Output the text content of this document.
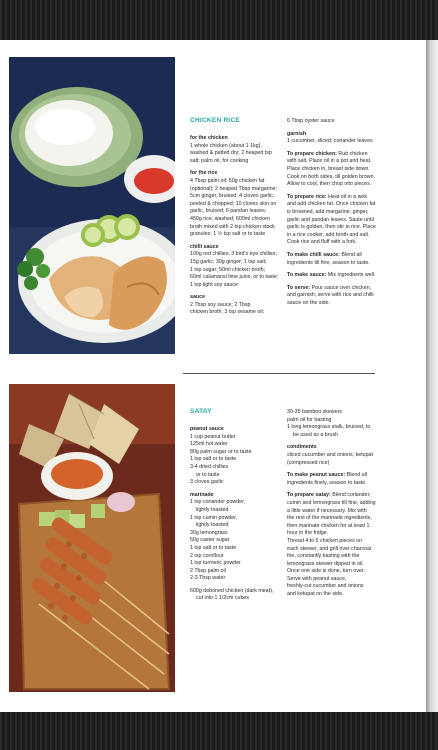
CHICKEN RICE
for the chicken
1 whole chicken (about 1 1kg),
washed & patted dry; 2 heaped tsp
salt; palm oil, for cooking
for the rice
4 Tbsp palm oil; 50g chicken fat
(optional); 2 heaped Tbsp margarine;
5cm ginger, bruised; 4 cloves garlic,
peeled & chopped; 10 cloves skin on
garlic, bruised; 6 pandan leaves;
450g rice, washed; 600ml chicken
broth mixed with 2 tsp chicken stock
granules; 1 ½ tsp salt or to taste
chilli sauce
100g red chillies; 3 bird's eye chillies;
15g garlic; 30g ginger; 1 tsp salt;
1 tsp sugar; 50ml chicken broth;
60ml calamansi lime juice, or to taste;
1 tsp light soy sauce
sauce
2 Tbsp soy sauce; 2 Tbsp
chicken broth; 3 tsp sesame oil;
6 Tbsp oyster sauce
garnish
1 cucumber, sliced; coriander leaves
To prepare chicken: Rub chicken
with salt. Place oil in a pot and heat.
Place chicken in, breast side down.
Cook on both sides, till golden brown.
Allow to cool, then chop into pieces.
To prepare rice: Heat oil in a wok
and add chicken fat. Once chicken fat
is browned, add margarine, ginger,
garlic and pandan leaves. Saute until
garlic is golden, then stir in rice. Place
in a rice cooker, add broth and salt.
Cook rice and fluff with a fork.
To make chilli sauce: Blend all
ingredients till fine, season to taste.
To make sauce: Mix ingredients well.
To serve: Pour sauce over chicken,
and garnish; serve with rice and chilli
sauce on the side.
SATAY
peanut sauce
1 cup peanut butter
125ml hot water
80g palm sugar or to taste
1 tsp salt or to taste
3-4 dried chillies
or to taste
3 cloves garlic
marinade
1 tsp coriander powder,
lightly toasted
1 tsp cumin powder,
lightly toasted
30g lemongrass
60g caster sugar
1 tsp salt or to taste
2 tsp cornflour
1 tsp turmeric powder
2 Tbsp palm oil
2-3 Tbsp water
600g deboned chicken (dark meat),
cut into 1 1/2cm cubes
30-35 bamboo skewers
palm oil for basting
1 long lemongrass stalk, bruised, to
be used as a brush
condiments
sliced cucumber and onions, ketupat
(compressed rice)
To make peanut sauce: Blend all
ingredients finely, season to taste.
To prepare satay: Blend coriander,
cumin and lemongrass till fine, adding
a little water if necessary. Mix with
the rest of the marinade ingredients,
then marinate chicken for at least 1
hour in the fridge.
Thread 4 to 5 chicken pieces on
each skewer, and grill over charcoal
fire, constantly basting with the
lemongrass skewer dipped in oil.
Once one side is done, turn over.
Serve with peanut sauce,
freshly-cut cucumber and onions
and ketupat on the side.
